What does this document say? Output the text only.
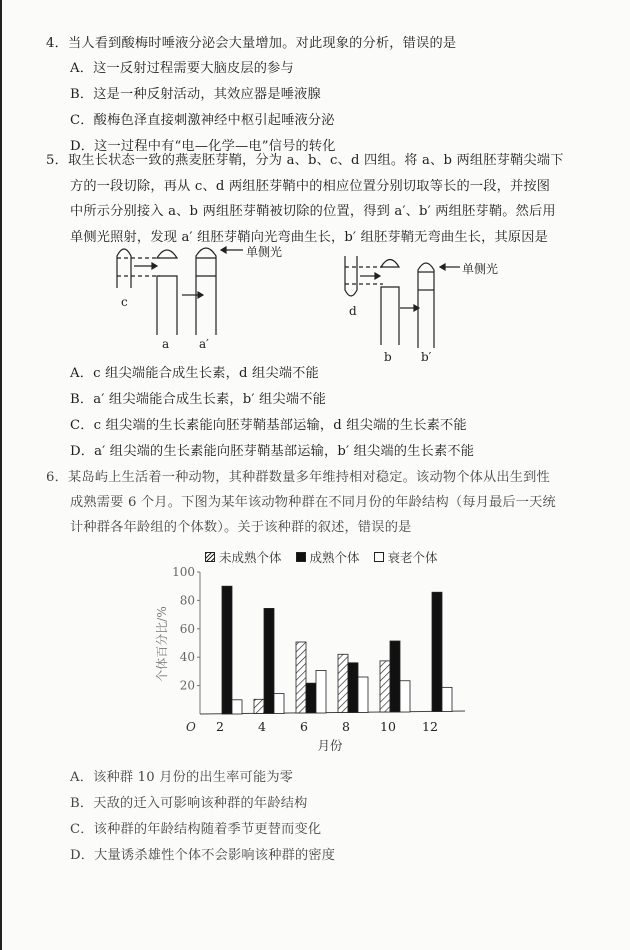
4．当人看到酸梅时唾液分泌会大量增加。对此现象的分析，错误的是
A．这一反射过程需要大脑皮层的参与
B．这是一种反射活动，其效应器是唾液腺
C．酸梅色泽直接刺激神经中枢引起唾液分泌
D．这一过程中有“电—化学—电”信号的转化
5．取生长状态一致的燕麦胚芽鞘，分为 a、b、c、d 四组。将 a、b 两组胚芽鞘尖端下
方的一段切除，再从 c、d 两组胚芽鞘中的相应位置分别切取等长的一段，并按图
中所示分别接入 a、b 两组胚芽鞘被切除的位置，得到 a′、b′ 两组胚芽鞘。然后用
单侧光照射，发现 a′ 组胚芽鞘向光弯曲生长，b′ 组胚芽鞘无弯曲生长，其原因是
c
a a′
d
b b′
单侧光
单侧光
A．c 组尖端能合成生长素，d 组尖端不能
B．a′ 组尖端能合成生长素，b′ 组尖端不能
C．c 组尖端的生长素能向胚芽鞘基部运输，d 组尖端的生长素不能
D．a′ 组尖端的生长素能向胚芽鞘基部运输，b′ 组尖端的生长素不能
6．某岛屿上生活着一种动物，其种群数量多年维持相对稳定。该动物个体从出生到性
成熟需要 6 个月。下图为某年该动物种群在不同月份的年龄结构（每月最后一天统
计种群各年龄组的个体数）。关于该种群的叙述，错误的是
未成熟个体 成熟个体 衰老个体
20
40
60
80
100
O
个体百分比/%
月份
2	4	6	8 10 12
A．该种群 10 月份的出生率可能为零
B．天敌的迁入可影响该种群的年龄结构
C．该种群的年龄结构随着季节更替而变化
D．大量诱杀雄性个体不会影响该种群的密度
